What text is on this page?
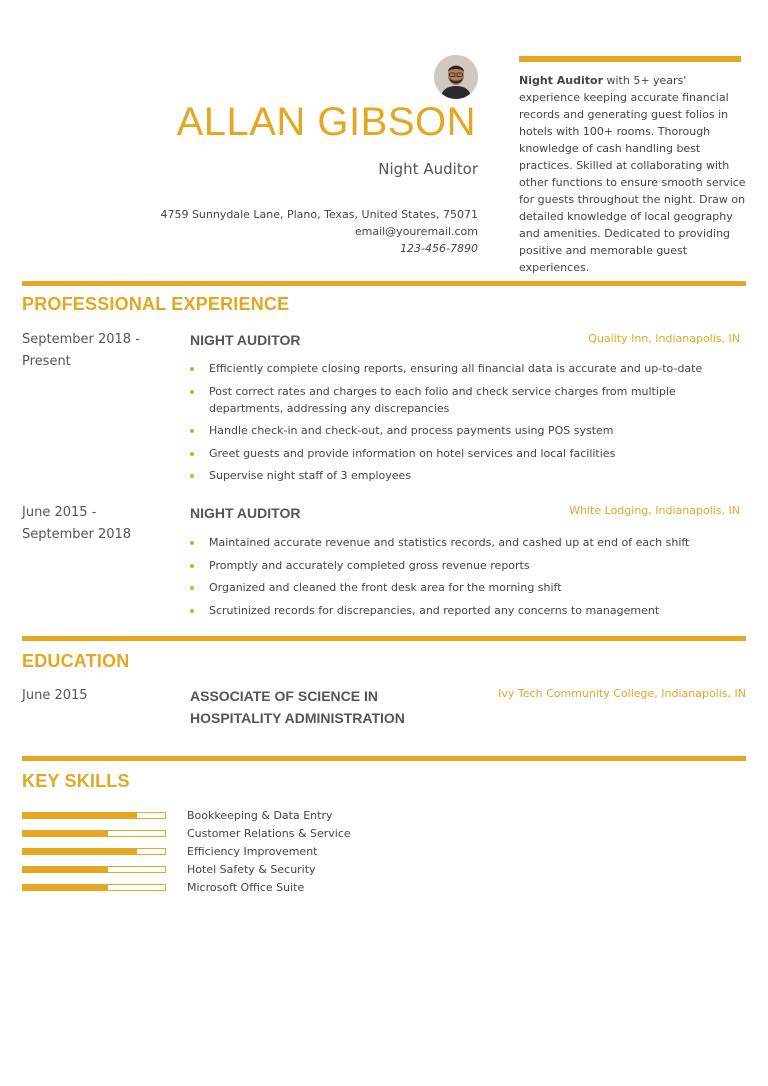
ALLAN GIBSON
Night Auditor
4759 Sunnydale Lane, Plano, Texas, United States, 75071
email@youremail.com
123-456-7890

Night Auditor with 5+ years' experience keeping accurate financial records and generating guest folios in hotels with 100+ rooms. Thorough knowledge of cash handling best practices. Skilled at collaborating with other functions to ensure smooth service for guests throughout the night. Draw on detailed knowledge of local geography and amenities. Dedicated to providing positive and memorable guest experiences.

PROFESSIONAL EXPERIENCE
September 2018 - Present
NIGHT AUDITOR	Quality Inn, Indianapolis, IN
Efficiently complete closing reports, ensuring all financial data is accurate and up-to-date
Post correct rates and charges to each folio and check service charges from multiple departments, addressing any discrepancies
Handle check-in and check-out, and process payments using POS system
Greet guests and provide information on hotel services and local facilities
Supervise night staff of 3 employees
June 2015 - September 2018
NIGHT AUDITOR	White Lodging, Indianapolis, IN
Maintained accurate revenue and statistics records, and cashed up at end of each shift
Promptly and accurately completed gross revenue reports
Organized and cleaned the front desk area for the morning shift
Scrutinized records for discrepancies, and reported any concerns to management
EDUCATION
June 2015	ASSOCIATE OF SCIENCE IN
HOSPITALITY ADMINISTRATION
Ivy Tech Community College, Indianapolis, IN
KEY SKILLS
Bookkeeping & Data Entry
Customer Relations & Service
Efficiency Improvement
Hotel Safety & Security
Microsoft Office Suite
